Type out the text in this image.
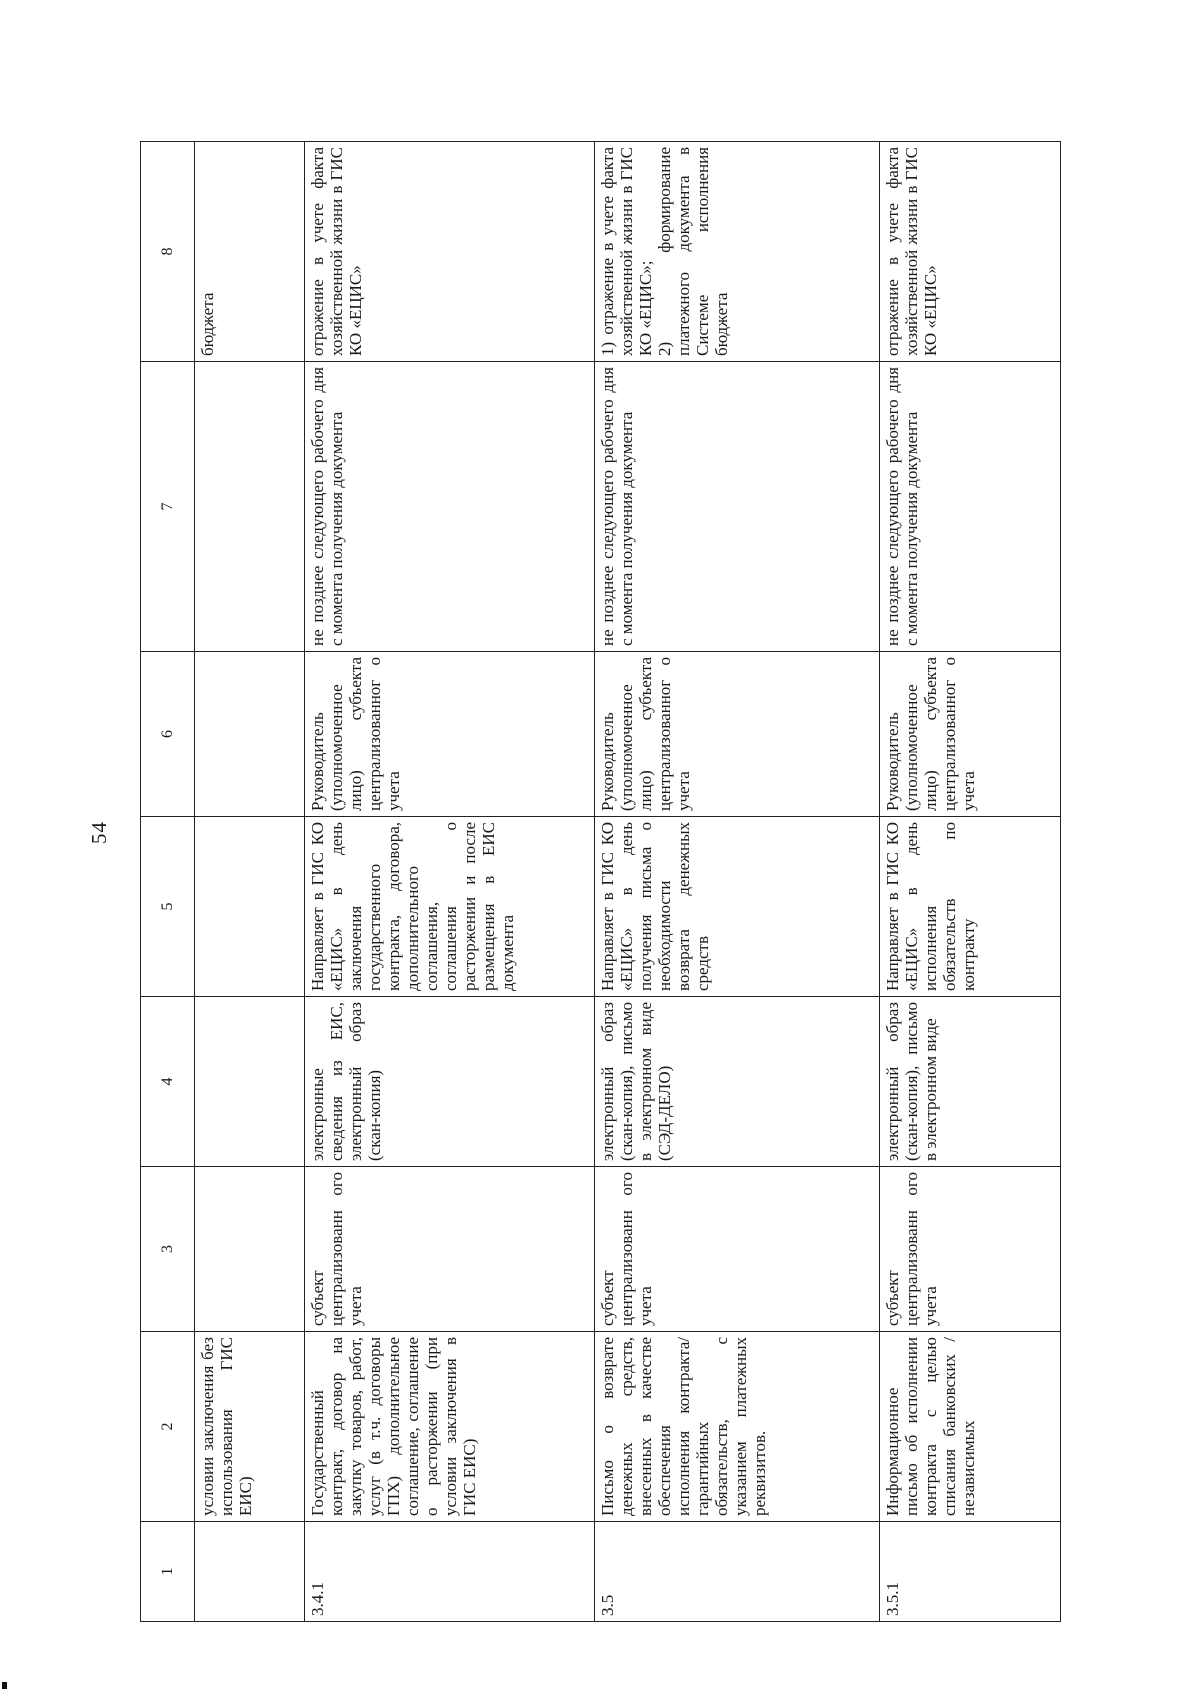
54
1	2	3	4	5	6	7	8
	условии заключения без использования ГИС ЕИС)						бюджета
3.4.1	Государственный контракт, договор на закупку товаров, работ, услуг (в т.ч. договоры ГПХ) дополнительное соглашение, соглашение о расторжении (при условии заключения в ГИС ЕИС)	субъект централизованн ого учета	электронные сведения из ЕИС, электронный образ (скан-копия)	Направляет в ГИС КО «ЕЦИС» в день заключения государственного контракта, договора, дополнительного соглашения, соглашения о расторжении и после размещения в ЕИС документа	Руководитель (уполномоченное лицо) субъекта централизованног о учета	не позднее следующего рабочего дня с момента получения документа	отражение в учете факта хозяйственной жизни в ГИС КО «ЕЦИС»
3.5	Письмо о возврате денежных средств, внесенных в качестве обеспечения исполнения контракта/ гарантийных обязательств, с указанием платежных реквизитов.	субъект централизованн ого учета	электронный образ (скан-копия), письмо в электронном виде (СЭД-ДЕЛО)	Направляет в ГИС КО «ЕЦИС» в день получения письма о необходимости возврата денежных средств	Руководитель (уполномоченное лицо) субъекта централизованног о учета	не позднее следующего рабочего дня с момента получения документа	1) отражение в учете факта хозяйственной жизни в ГИС КО «ЕЦИС»;
2) формирование платежного документа в Системе исполнения бюджета
3.5.1	Информационное письмо об исполнении контракта с целью списания банковских /независимых	субъект централизованн ого учета	электронный образ (скан-копия), письмо в электронном виде	Направляет в ГИС КО «ЕЦИС» в день исполнения обязательств по контракту	Руководитель (уполномоченное лицо) субъекта централизованног о учета	не позднее следующего рабочего дня с момента получения документа	отражение в учете факта хозяйственной жизни в ГИС КО «ЕЦИС»
